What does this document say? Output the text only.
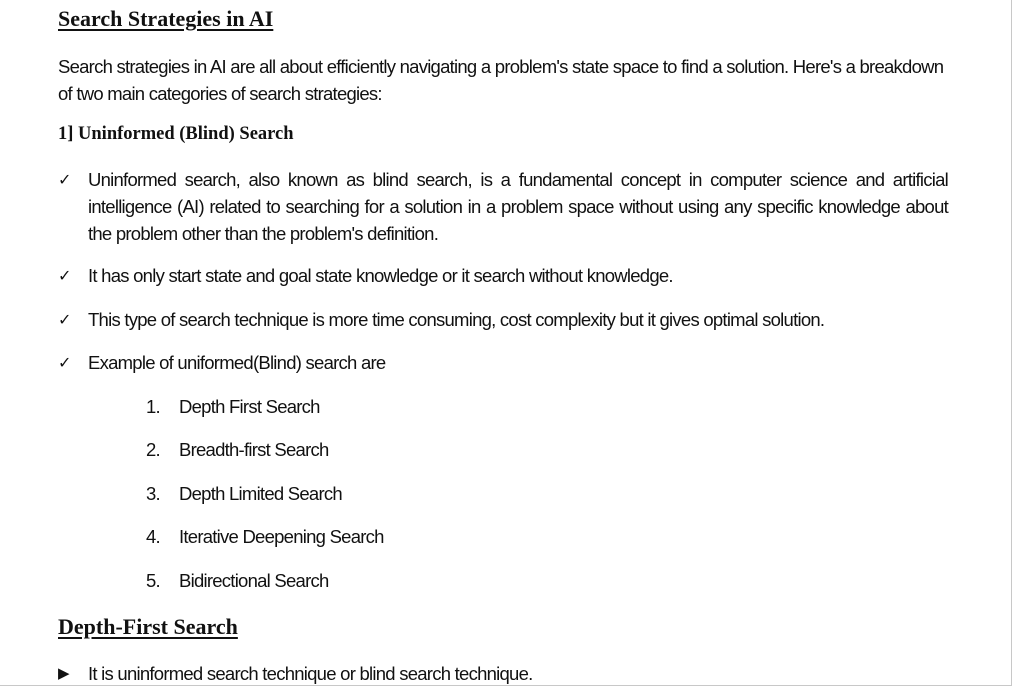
Search Strategies in AI

Search strategies in AI are all about efficiently navigating a problem's state space to find a solution. Here's a breakdown of two main categories of search strategies:

1] Uninformed (Blind) Search
✓ Uninformed search, also known as blind search, is a fundamental concept in computer science and artificial intelligence (AI) related to searching for a solution in a problem space without using any specific knowledge about the problem other than the problem's definition.
✓ It has only start state and goal state knowledge or it search without knowledge.
✓ This type of search technique is more time consuming, cost complexity but it gives optimal solution.
✓ Example of uniformed(Blind) search are
1.	Depth First Search
2.	Breadth-first Search
3.	Depth Limited Search
4.	Iterative Deepening Search
5.	Bidirectional Search
Depth-First Search
▶	It is uninformed search technique or blind search technique.
